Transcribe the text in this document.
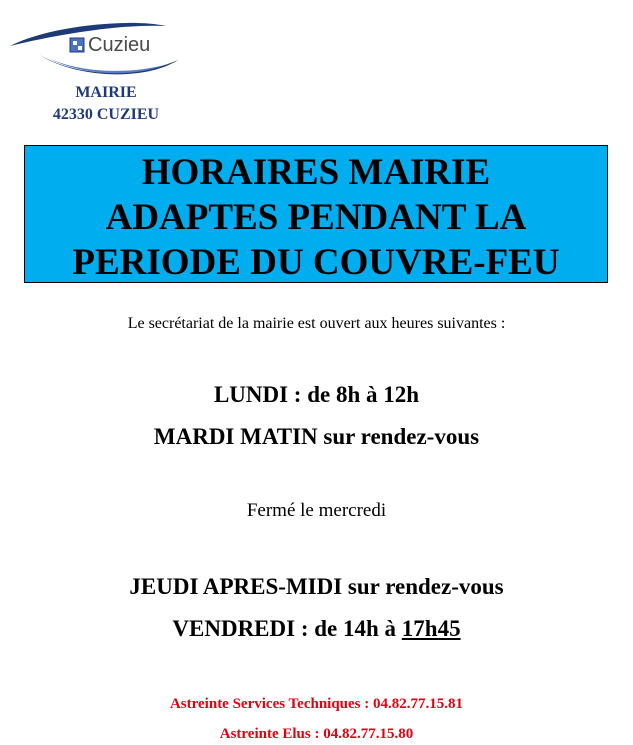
Cuzieu
MAIRIE
42330 CUZIEU
HORAIRES MAIRIE
ADAPTES PENDANT LA
PERIODE DU COUVRE-FEU
Le secrétariat de la mairie est ouvert aux heures suivantes :
LUNDI : de 8h à 12h
MARDI MATIN sur rendez-vous
Fermé le mercredi
JEUDI APRES-MIDI sur rendez-vous
VENDREDI : de 14h à 17h45
Astreinte Services Techniques : 04.82.77.15.81
Astreinte Elus : 04.82.77.15.80
